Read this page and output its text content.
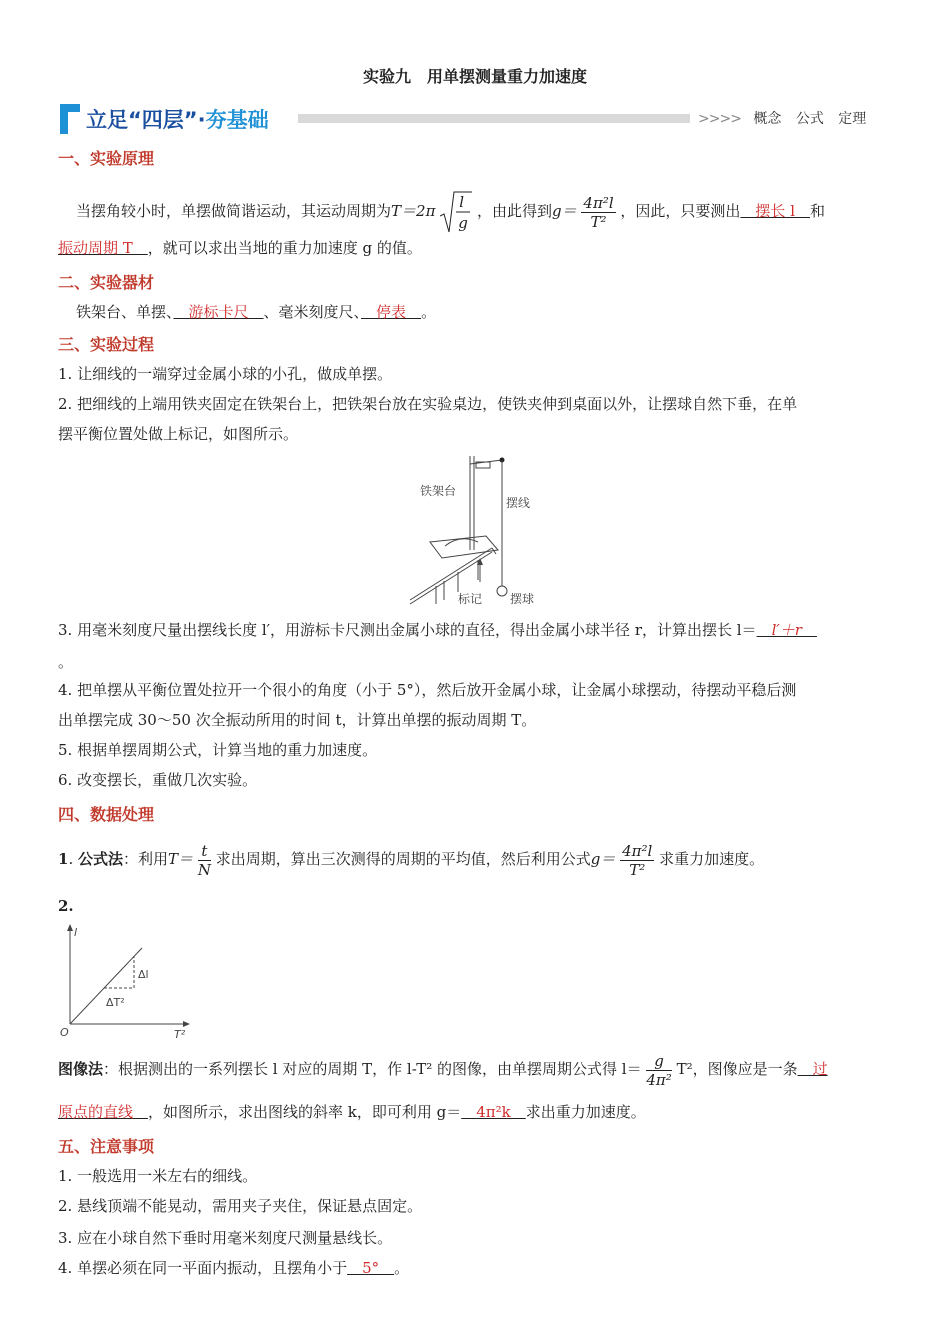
实验九　用单摆测量重力加速度
立足“四层”·夯基础	>>>> 概念 公式 定理
一、实验原理
当摆角较小时，单摆做简谐运动，其运动周期为T＝2π l
g
，由此得到$g= \frac{\text{4π²l}}{\text{T²}}$ ，因此，只要测出　摆长 l　和
振动周期 T　，就可以求出当地的重力加速度 g 的值。
二、实验器材
铁架台、单摆、　游标卡尺　、毫米刻度尺、　停表　。
三、实验过程
1. 让细线的一端穿过金属小球的小孔，做成单摆。
2. 把细线的上端用铁夹固定在铁架台上，把铁架台放在实验桌边，使铁夹伸到桌面以外，让摆球自然下垂，在单
摆平衡位置处做上标记，如图所示。
铁架台
摆线
标记 摆球
3. 用毫米刻度尺量出摆线长度 l′，用游标卡尺测出金属小球的直径，得出金属小球半径 r，计算出摆长 l＝　l′＋r　
。
4. 把单摆从平衡位置处拉开一个很小的角度（小于 5°），然后放开金属小球，让金属小球摆动，待摆动平稳后测
出单摆完成 30～50 次全振动所用的时间 t，计算出单摆的振动周期 T。
5. 根据单摆周期公式，计算当地的重力加速度。
6. 改变摆长，重做几次实验。
四、数据处理
1. 公式法：利用$T= \frac{t}{N}$ 求出周期，算出三次测得的周期的平均值，然后利用公式$g= \frac{\text{4π²l}}{\text{T²}}$ 求重力加速度。
2.
l
T²
O
Δl
ΔT²
图像法：根据测出的一系列摆长 l 对应的周期 T，作 l-T² 的图像，由单摆周期公式得 $l= \frac{g}{\text{4π²}} T^2$，图像应是一条　过
原点的直线　，如图所示，求出图线的斜率 k，即可利用 g＝　4π²k　求出重力加速度。
五、注意事项
1. 一般选用一米左右的细线。
2. 悬线顶端不能晃动，需用夹子夹住，保证悬点固定。
3. 应在小球自然下垂时用毫米刻度尺测量悬线长。
4. 单摆必须在同一平面内振动，且摆角小于　5°　。
